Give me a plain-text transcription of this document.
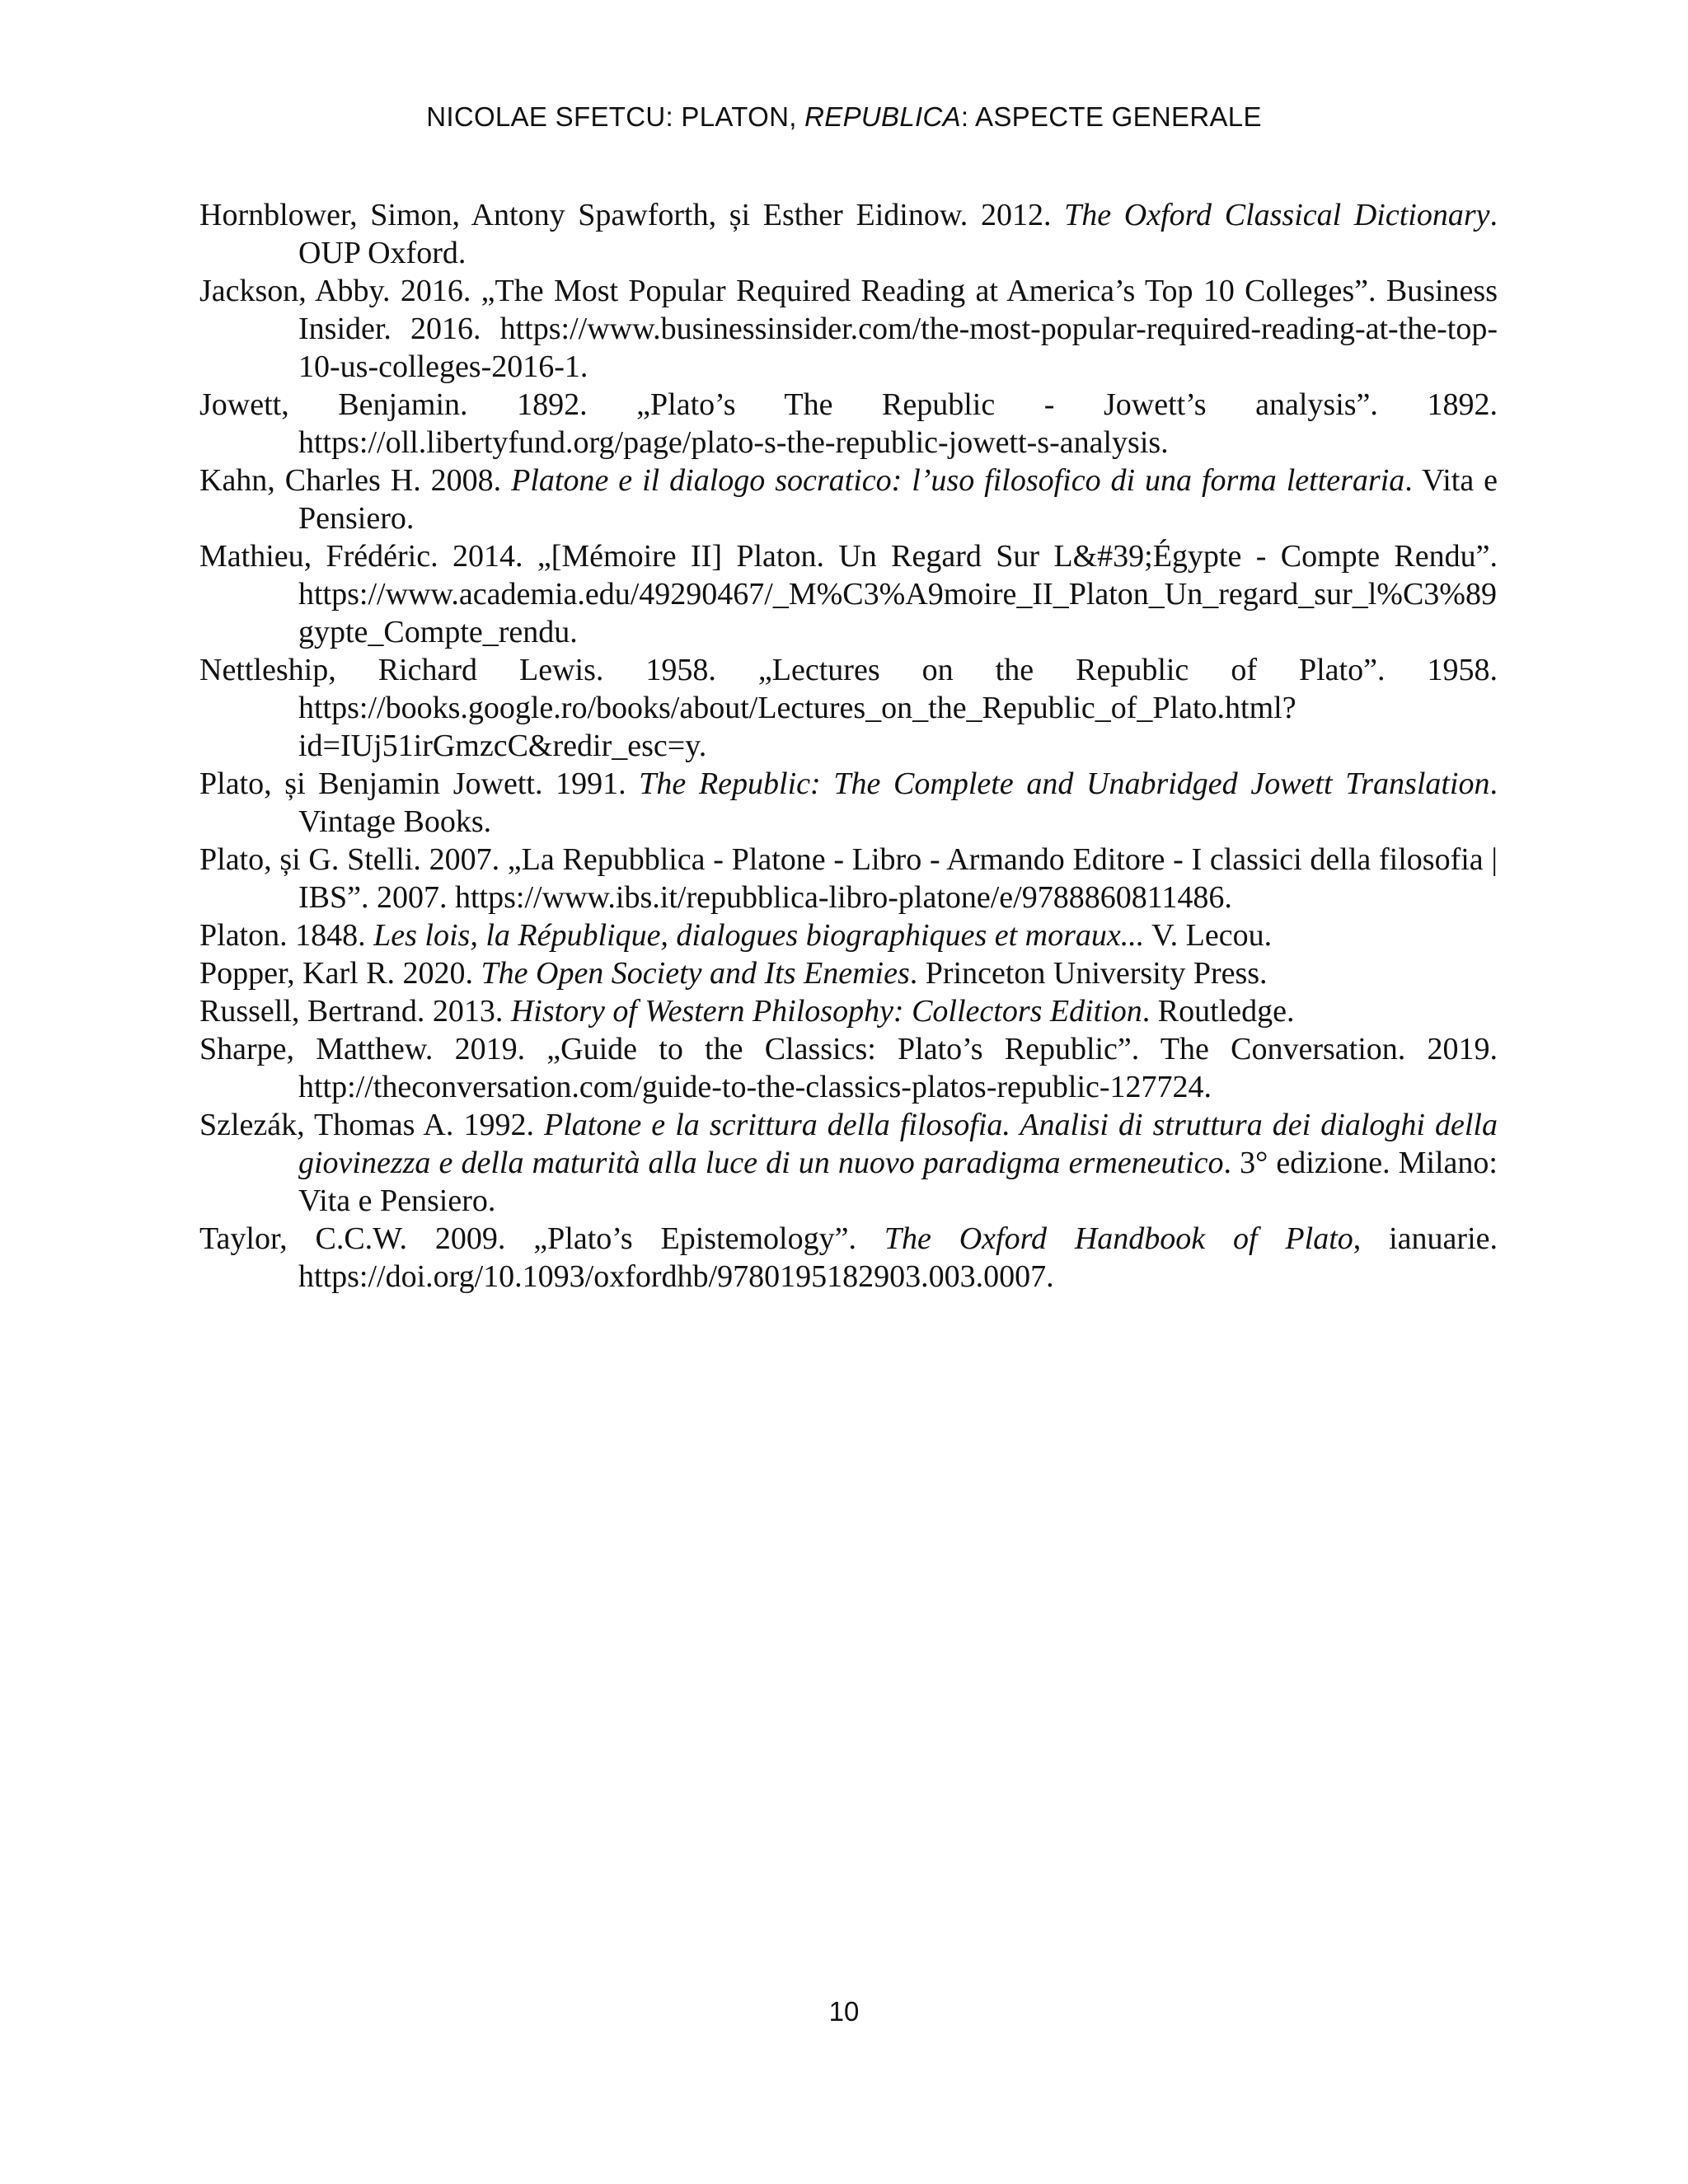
NICOLAE SFETCU: PLATON, REPUBLICA: ASPECTE GENERALE

Hornblower, Simon, Antony Spawforth, și Esther Eidinow. 2012. The Oxford Classical Dictionary. OUP Oxford.

Jackson, Abby. 2016. „The Most Popular Required Reading at America’s Top 10 Colleges”. Business Insider. 2016. https://www.businessinsider.com/the-most-popular-required-reading-at-the-top-10-us-colleges-2016-1.

Jowett, Benjamin. 1892. „Plato’s The Republic - Jowett’s analysis”. 1892. https://oll.libertyfund.org/page/plato-s-the-republic-jowett-s-analysis.

Kahn, Charles H. 2008. Platone e il dialogo socratico: l’uso filosofico di una forma letteraria. Vita e Pensiero.

Mathieu, Frédéric. 2014. „[Mémoire II] Platon. Un Regard Sur L&#39;Égypte - Compte Rendu”. https://www.academia.edu/49290467/_M%C3%A9moire_II_Platon_Un_regard_sur_l%C3%89gypte_Compte_rendu.

Nettleship, Richard Lewis. 1958. „Lectures on the Republic of Plato”. 1958. https://books.google.ro/books/about/Lectures_on_the_Republic_of_Plato.html?id=IUj51irGmzcC&redir_esc=y.

Plato, și Benjamin Jowett. 1991. The Republic: The Complete and Unabridged Jowett Translation. Vintage Books.

Plato, și G. Stelli. 2007. „La Repubblica - Platone - Libro - Armando Editore - I classici della filosofia | IBS”. 2007. https://www.ibs.it/repubblica-libro-platone/e/9788860811486.

Platon. 1848. Les lois, la République, dialogues biographiques et moraux... V. Lecou.

Popper, Karl R. 2020. The Open Society and Its Enemies. Princeton University Press.

Russell, Bertrand. 2013. History of Western Philosophy: Collectors Edition. Routledge.

Sharpe, Matthew. 2019. „Guide to the Classics: Plato’s Republic”. The Conversation. 2019. http://theconversation.com/guide-to-the-classics-platos-republic-127724.

Szlezák, Thomas A. 1992. Platone e la scrittura della filosofia. Analisi di struttura dei dialoghi della giovinezza e della maturità alla luce di un nuovo paradigma ermeneutico. 3° edizione. Milano: Vita e Pensiero.

Taylor, C.C.W. 2009. „Plato’s Epistemology”. The Oxford Handbook of Plato, ianuarie. https://doi.org/10.1093/oxfordhb/9780195182903.003.0007.

10
